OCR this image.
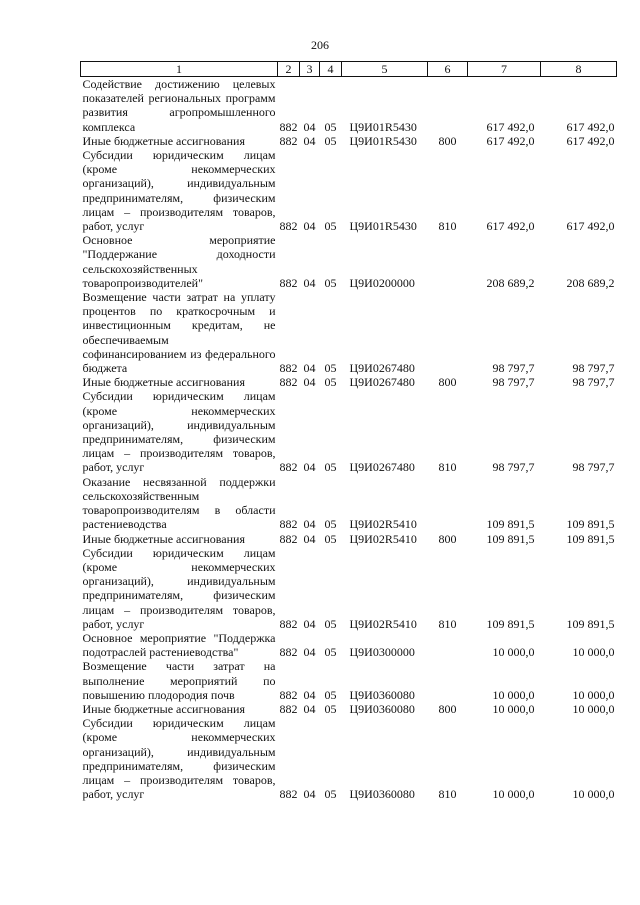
206
1	2	3	4	5	6	7	8
Содействие достижению целевых показателей региональных программ развития агропромышленного комплекса	882	04	05	Ц9И01R5430		617 492,0	617 492,0
Иные бюджетные ассигнования	882	04	05	Ц9И01R5430	800	617 492,0	617 492,0
Субсидии юридическим лицам (кроме некоммерческих организаций), индивидуальным предпринимателям, физическим лицам – производителям товаров, работ, услуг	882	04	05	Ц9И01R5430	810	617 492,0	617 492,0
Основное мероприятие "Поддержание доходности сельскохозяйственных товаропроизводителей"	882	04	05	Ц9И0200000		208 689,2	208 689,2
Возмещение части затрат на уплату процентов по краткосрочным и инвестиционным кредитам, не обеспечиваемым софинансированием из федерального бюджета	882	04	05	Ц9И0267480		98 797,7	98 797,7
Иные бюджетные ассигнования	882	04	05	Ц9И0267480	800	98 797,7	98 797,7
Субсидии юридическим лицам (кроме некоммерческих организаций), индивидуальным предпринимателям, физическим лицам – производителям товаров, работ, услуг	882	04	05	Ц9И0267480	810	98 797,7	98 797,7
Оказание несвязанной поддержки сельскохозяйственным товаропроизводителям в области растениеводства	882	04	05	Ц9И02R5410		109 891,5	109 891,5
Иные бюджетные ассигнования	882	04	05	Ц9И02R5410	800	109 891,5	109 891,5
Субсидии юридическим лицам (кроме некоммерческих организаций), индивидуальным предпринимателям, физическим лицам – производителям товаров, работ, услуг	882	04	05	Ц9И02R5410	810	109 891,5	109 891,5
Основное мероприятие "Поддержка подотраслей растениеводства"	882	04	05	Ц9И0300000		10 000,0	10 000,0
Возмещение части затрат на выполнение мероприятий по повышению плодородия почв	882	04	05	Ц9И0360080		10 000,0	10 000,0
Иные бюджетные ассигнования	882	04	05	Ц9И0360080	800	10 000,0	10 000,0
Субсидии юридическим лицам (кроме некоммерческих организаций), индивидуальным предпринимателям, физическим лицам – производителям товаров, работ, услуг	882	04	05	Ц9И0360080	810	10 000,0	10 000,0
